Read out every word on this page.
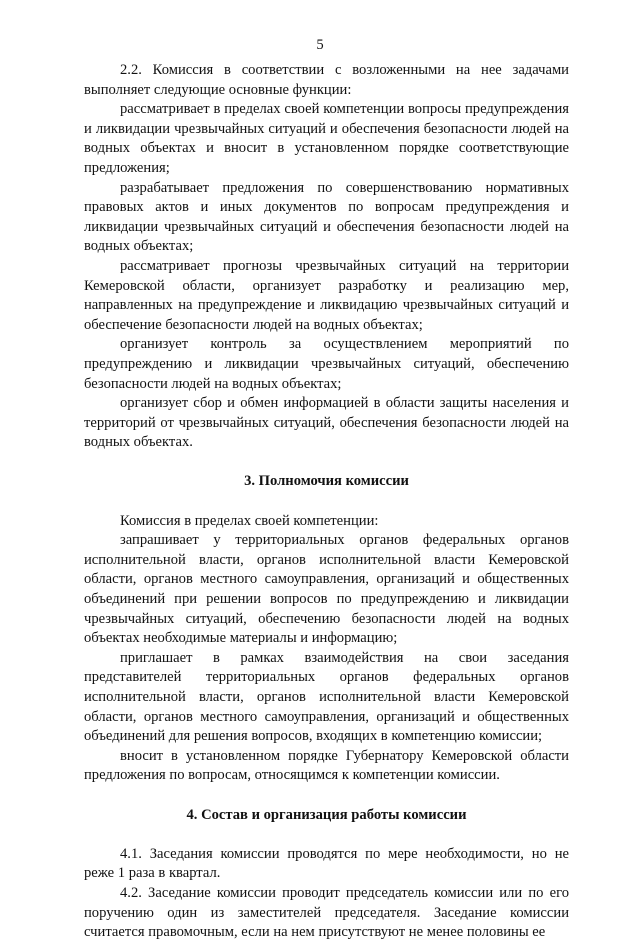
5

2.2. Комиссия в соответствии с возложенными на нее задачами выполняет следующие основные функции:

рассматривает в пределах своей компетенции вопросы предупреждения и ликвидации чрезвычайных ситуаций и обеспечения безопасности людей на водных объектах и вносит в установленном порядке соответствующие предложения;

разрабатывает предложения по совершенствованию нормативных правовых актов и иных документов по вопросам предупреждения и ликвидации чрезвычайных ситуаций и обеспечения безопасности людей на водных объектах;

рассматривает прогнозы чрезвычайных ситуаций на территории Кемеровской области, организует разработку и реализацию мер, направленных на предупреждение и ликвидацию чрезвычайных ситуаций и обеспечение безопасности людей на водных объектах;

организует контроль за осуществлением мероприятий по предупреждению и ликвидации чрезвычайных ситуаций, обеспечению безопасности людей на водных объектах;

организует сбор и обмен информацией в области защиты населения и территорий от чрезвычайных ситуаций, обеспечения безопасности людей на водных объектах.

3. Полномочия комиссии

Комиссия в пределах своей компетенции:

запрашивает у территориальных органов федеральных органов исполнительной власти, органов исполнительной власти Кемеровской области, органов местного самоуправления, организаций и общественных объединений при решении вопросов по предупреждению и ликвидации чрезвычайных ситуаций, обеспечению безопасности людей на водных объектах необходимые материалы и информацию;

приглашает в рамках взаимодействия на свои заседания представителей территориальных органов федеральных органов исполнительной власти, органов исполнительной власти Кемеровской области, органов местного самоуправления, организаций и общественных объединений для решения вопросов, входящих в компетенцию комиссии;

вносит в установленном порядке Губернатору Кемеровской области предложения по вопросам, относящимся к компетенции комиссии.

4. Состав и организация работы комиссии

4.1. Заседания комиссии проводятся по мере необходимости, но не реже 1 раза в квартал.

4.2. Заседание комиссии проводит председатель комиссии или по его поручению один из заместителей председателя. Заседание комиссии считается правомочным, если на нем присутствуют не менее половины ее
